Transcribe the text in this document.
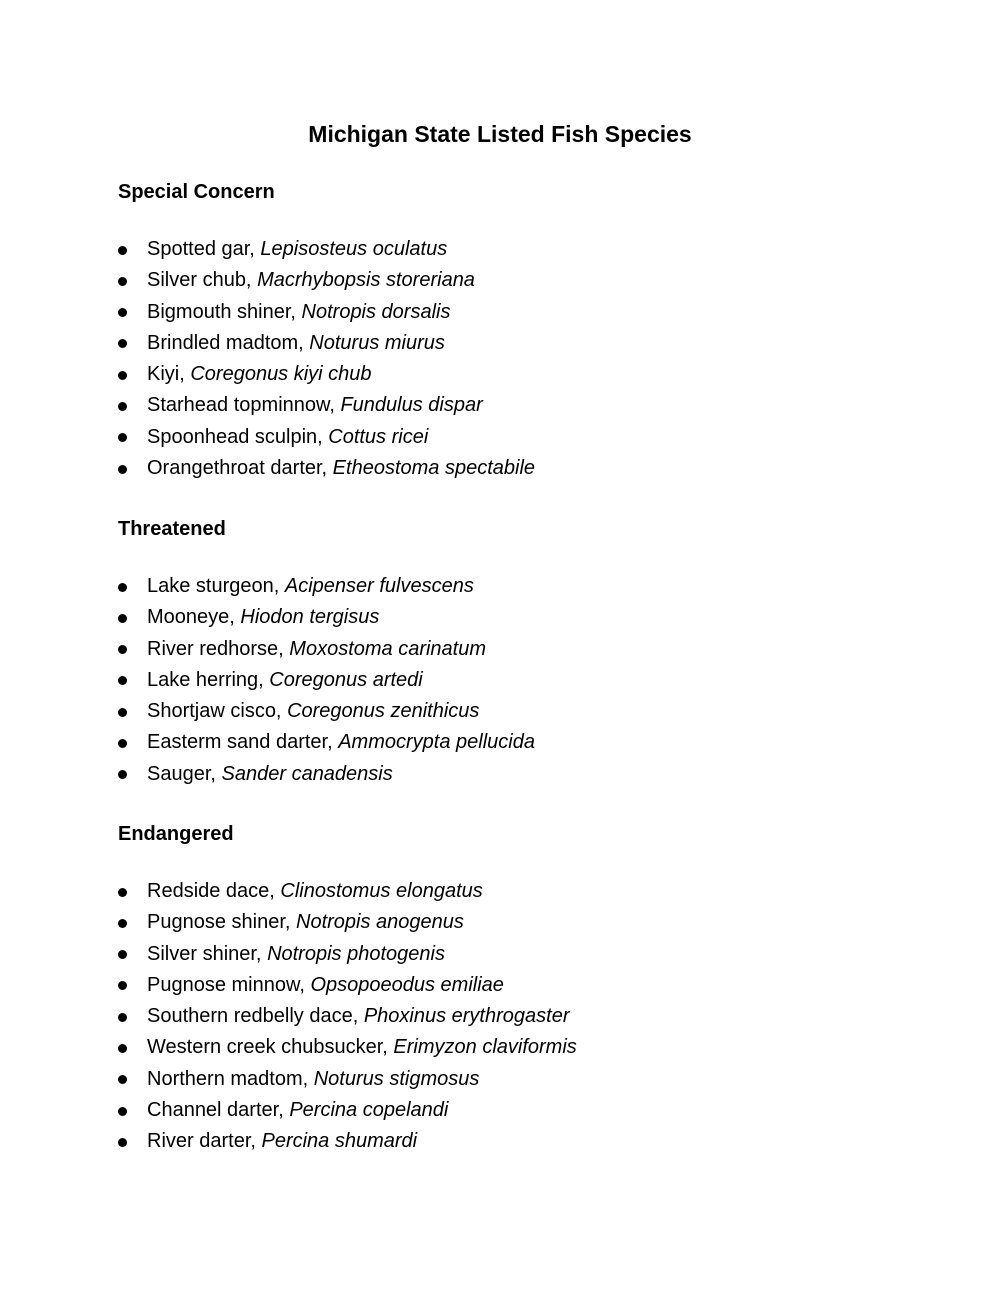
Michigan State Listed Fish Species
Special Concern
Spotted gar, Lepisosteus oculatus
Silver chub, Macrhybopsis storeriana
Bigmouth shiner, Notropis dorsalis
Brindled madtom, Noturus miurus
Kiyi, Coregonus kiyi chub
Starhead topminnow, Fundulus dispar
Spoonhead sculpin, Cottus ricei
Orangethroat darter, Etheostoma spectabile
Threatened
Lake sturgeon, Acipenser fulvescens
Mooneye, Hiodon tergisus
River redhorse, Moxostoma carinatum
Lake herring, Coregonus artedi
Shortjaw cisco, Coregonus zenithicus
Easterm sand darter, Ammocrypta pellucida
Sauger, Sander canadensis
Endangered
Redside dace, Clinostomus elongatus
Pugnose shiner, Notropis anogenus
Silver shiner, Notropis photogenis
Pugnose minnow, Opsopoeodus emiliae
Southern redbelly dace, Phoxinus erythrogaster
Western creek chubsucker, Erimyzon claviformis
Northern madtom, Noturus stigmosus
Channel darter, Percina copelandi
River darter, Percina shumardi
